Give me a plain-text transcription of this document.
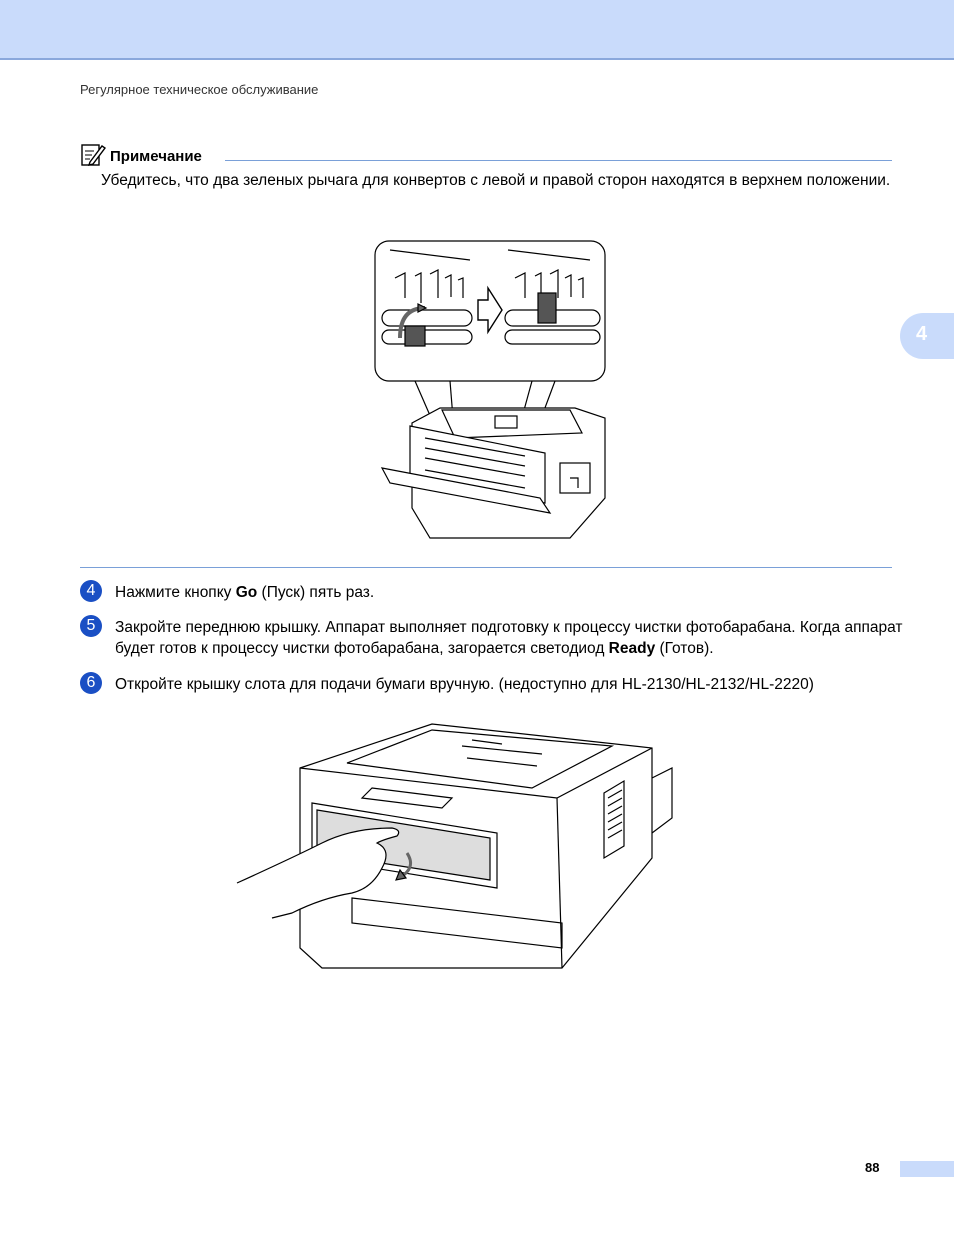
Регулярное техническое обслуживание
4
Примечание
Убедитесь, что два зеленых рычага для конвертов с левой и правой сторон находятся в верхнем положении.
4	Нажмите кнопку Go (Пуск) пять раз.
5	Закройте переднюю крышку. Аппарат выполняет подготовку к процессу чистки фотобарабана. Когда аппарат будет готов к процессу чистки фотобарабана, загорается светодиод Ready (Готов).
6	Откройте крышку слота для подачи бумаги вручную. (недоступно для HL-2130/HL-2132/HL-2220)
88
